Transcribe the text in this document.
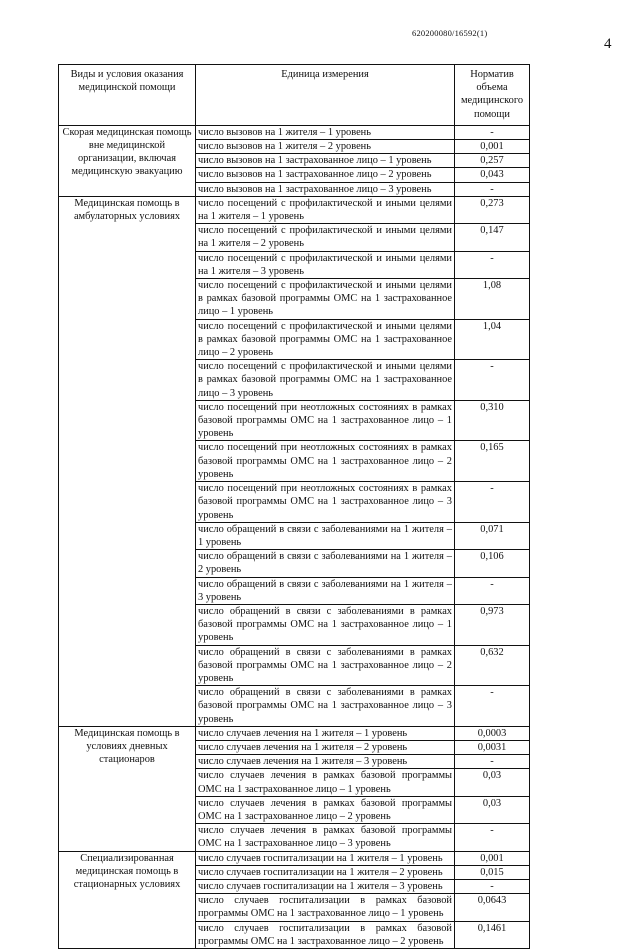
620200080/16592(1)
4
Виды и условия оказания медицинской помощи	Единица измерения	Норматив объема медицинского помощи
Скорая медицинская помощь вне медицинской организации, включая медицинскую эвакуацию	число вызовов на 1 жителя – 1 уровень	-
	число вызовов на 1 жителя – 2 уровень	0,001
	число вызовов на 1 застрахованное лицо – 1 уровень	0,257
	число вызовов на 1 застрахованное лицо – 2 уровень	0,043
	число вызовов на 1 застрахованное лицо – 3 уровень	-
Медицинская помощь в амбулаторных условиях	число посещений с профилактической и иными целями на 1 жителя – 1 уровень	0,273
	число посещений с профилактической и иными целями на 1 жителя – 2 уровень	0,147
	число посещений с профилактической и иными целями на 1 жителя – 3 уровень	-
	число посещений с профилактической и иными целями в рамках базовой программы ОМС на 1 застрахованное лицо – 1 уровень	1,08
	число посещений с профилактической и иными целями в рамках базовой программы ОМС на 1 застрахованное лицо – 2 уровень	1,04
	число посещений с профилактической и иными целями в рамках базовой программы ОМС на 1 застрахованное лицо – 3 уровень	-
	число посещений при неотложных состояниях в рамках базовой программы ОМС на 1 застрахованное лицо – 1 уровень	0,310
	число посещений при неотложных состояниях в рамках базовой программы ОМС на 1 застрахованное лицо – 2 уровень	0,165
	число посещений при неотложных состояниях в рамках базовой программы ОМС на 1 застрахованное лицо – 3 уровень	-
	число обращений в связи с заболеваниями на 1 жителя – 1 уровень	0,071
	число обращений в связи с заболеваниями на 1 жителя – 2 уровень	0,106
	число обращений в связи с заболеваниями на 1 жителя – 3 уровень	-
	число обращений в связи с заболеваниями в рамках базовой программы ОМС на 1 застрахованное лицо – 1 уровень	0,973
	число обращений в связи с заболеваниями в рамках базовой программы ОМС на 1 застрахованное лицо – 2 уровень	0,632
	число обращений в связи с заболеваниями в рамках базовой программы ОМС на 1 застрахованное лицо – 3 уровень	-
Медицинская помощь в условиях дневных стационаров	число случаев лечения на 1 жителя – 1 уровень	0,0003
	число случаев лечения на 1 жителя – 2 уровень	0,0031
	число случаев лечения на 1 жителя – 3 уровень	-
	число случаев лечения в рамках базовой программы ОМС на 1 застрахованное лицо – 1 уровень	0,03
	число случаев лечения в рамках базовой программы ОМС на 1 застрахованное лицо – 2 уровень	0,03
	число случаев лечения в рамках базовой программы ОМС на 1 застрахованное лицо – 3 уровень	-
Специализированная медицинская помощь в стационарных условиях	число случаев госпитализации на 1 жителя – 1 уровень	0,001
	число случаев госпитализации на 1 жителя – 2 уровень	0,015
	число случаев госпитализации на 1 жителя – 3 уровень	-
	число случаев госпитализации в рамках базовой программы ОМС на 1 застрахованное лицо – 1 уровень	0,0643
	число случаев госпитализации в рамках базовой программы ОМС на 1 застрахованное лицо – 2 уровень	0,1461
